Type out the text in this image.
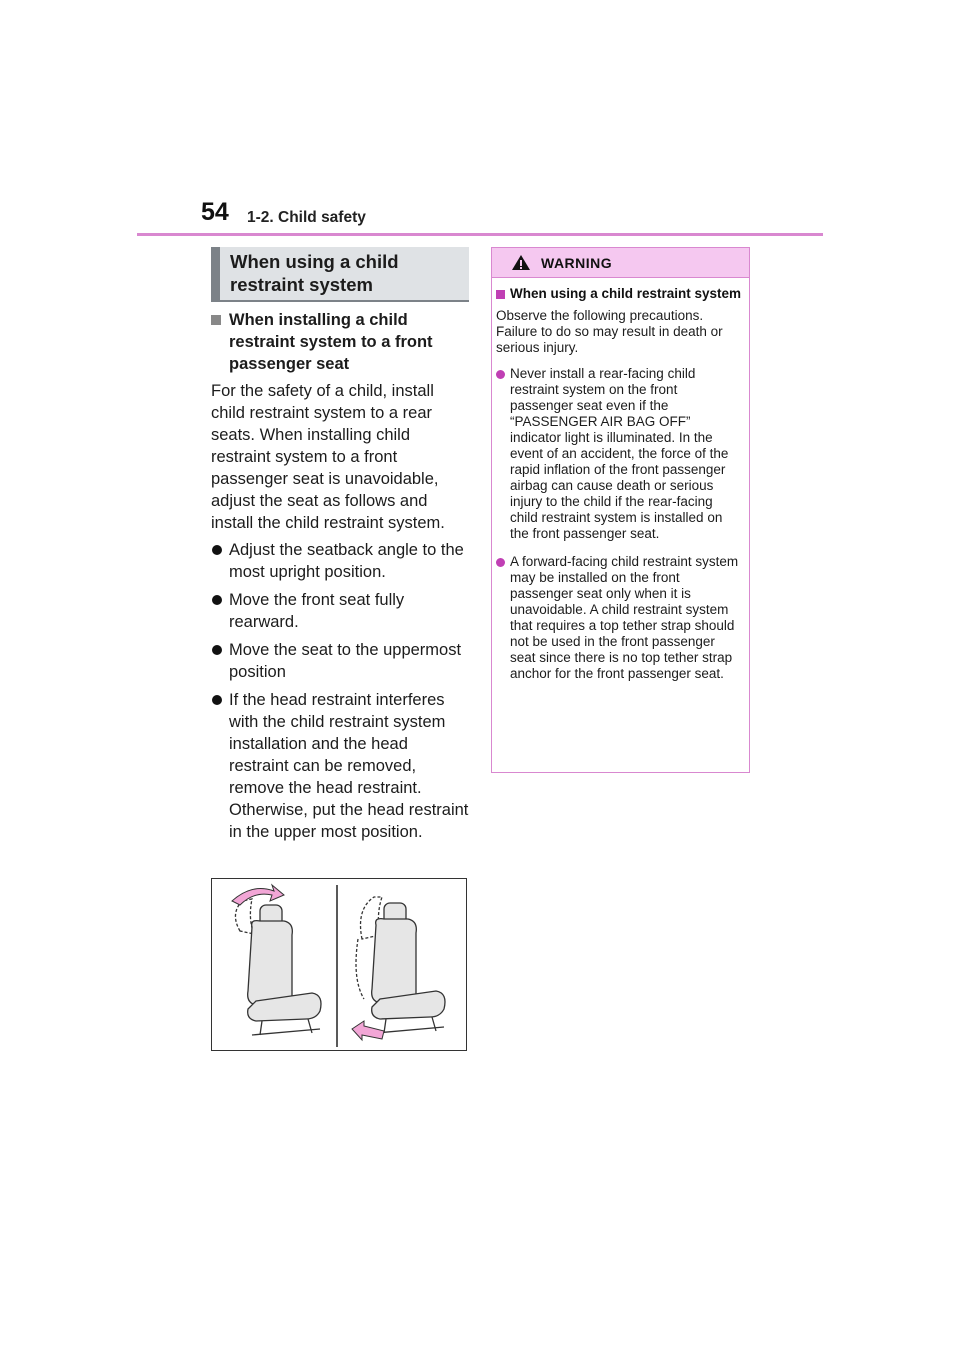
54 1-2. Child safety
When using a child
restraint system
When installing a child restraint system to a front passenger seat
For the safety of a child, install child restraint system to a rear seats. When installing child restraint system to a front passenger seat is unavoidable, adjust the seat as follows and install the child restraint system.
Adjust the seatback angle to the most upright position.
Move the front seat fully rearward.
Move the seat to the uppermost position
If the head restraint interferes with the child restraint system installation and the head restraint can be removed, remove the head restraint. Otherwise, put the head restraint in the upper most position.
WARNING
When using a child restraint system
Observe the following precautions. Failure to do so may result in death or serious injury.
Never install a rear-facing child restraint system on the front passenger seat even if the “PASSENGER AIR BAG OFF” indicator light is illuminated. In the event of an accident, the force of the rapid inflation of the front passenger airbag can cause death or serious injury to the child if the rear-facing child restraint system is installed on the front passenger seat.
A forward-facing child restraint system may be installed on the front passenger seat only when it is unavoidable. A child restraint system that requires a top tether strap should not be used in the front passenger seat since there is no top tether strap anchor for the front passenger seat.
